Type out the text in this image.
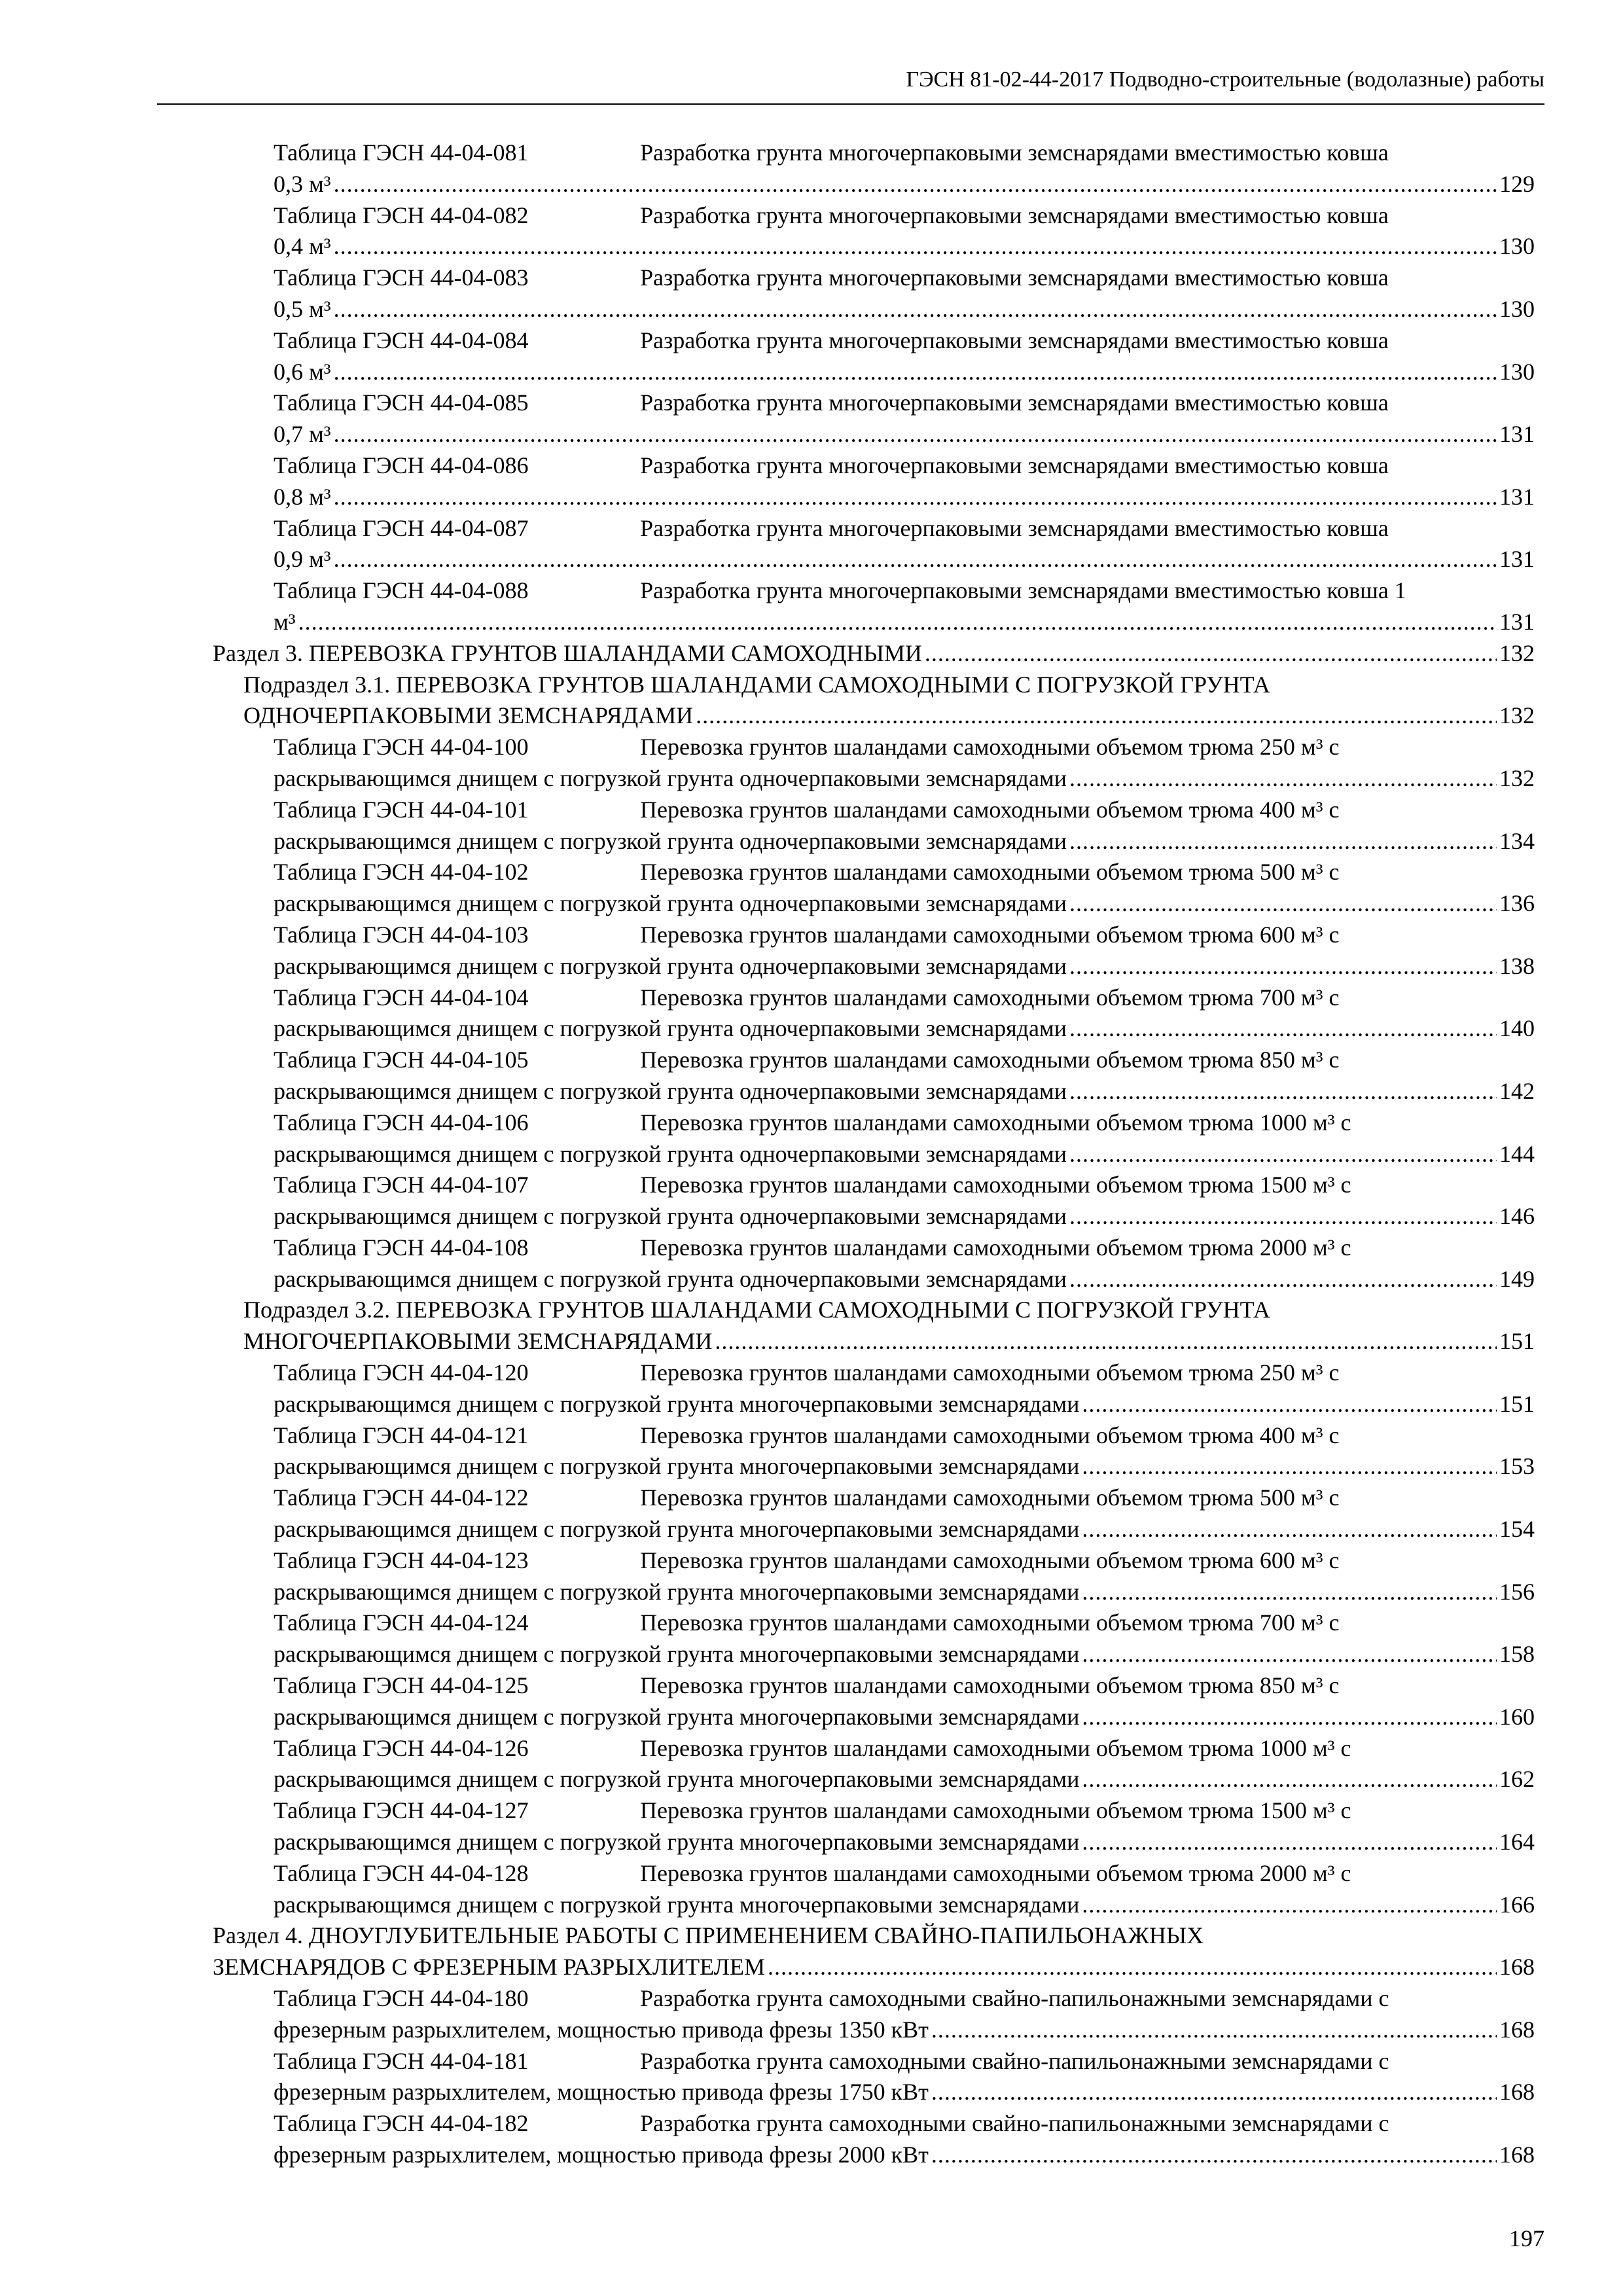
ГЭСН 81-02-44-2017 Подводно-строительные (водолазные) работы
Таблица ГЭСН 44-04-081	Разработка грунта многочерпаковыми земснарядами вместимостью ковша
0,3 м³ .....	129
Таблица ГЭСН 44-04-082	Разработка грунта многочерпаковыми земснарядами вместимостью ковша
0,4 м³ .....	130
Таблица ГЭСН 44-04-083	Разработка грунта многочерпаковыми земснарядами вместимостью ковша
0,5 м³ .....	130
Таблица ГЭСН 44-04-084	Разработка грунта многочерпаковыми земснарядами вместимостью ковша
0,6 м³ .....	130
Таблица ГЭСН 44-04-085	Разработка грунта многочерпаковыми земснарядами вместимостью ковша
0,7 м³ .....	131
Таблица ГЭСН 44-04-086	Разработка грунта многочерпаковыми земснарядами вместимостью ковша
0,8 м³ .....	131
Таблица ГЭСН 44-04-087	Разработка грунта многочерпаковыми земснарядами вместимостью ковша
0,9 м³ .....	131
Таблица ГЭСН 44-04-088	Разработка грунта многочерпаковыми земснарядами вместимостью ковша 1
м³ .....	131
Раздел 3. ПЕРЕВОЗКА ГРУНТОВ ШАЛАНДАМИ САМОХОДНЫМИ .....	132
Подраздел 3.1. ПЕРЕВОЗКА ГРУНТОВ ШАЛАНДАМИ САМОХОДНЫМИ С ПОГРУЗКОЙ ГРУНТА
ОДНОЧЕРПАКОВЫМИ ЗЕМСНАРЯДАМИ .....	132
Таблица ГЭСН 44-04-100	Перевозка грунтов шаландами самоходными объемом трюма 250 м³ с
раскрывающимся днищем с погрузкой грунта одночерпаковыми земснарядами .....	132
Таблица ГЭСН 44-04-101	Перевозка грунтов шаландами самоходными объемом трюма 400 м³ с
раскрывающимся днищем с погрузкой грунта одночерпаковыми земснарядами .....	134
Таблица ГЭСН 44-04-102	Перевозка грунтов шаландами самоходными объемом трюма 500 м³ с
раскрывающимся днищем с погрузкой грунта одночерпаковыми земснарядами .....	136
Таблица ГЭСН 44-04-103	Перевозка грунтов шаландами самоходными объемом трюма 600 м³ с
раскрывающимся днищем с погрузкой грунта одночерпаковыми земснарядами .....	138
Таблица ГЭСН 44-04-104	Перевозка грунтов шаландами самоходными объемом трюма 700 м³ с
раскрывающимся днищем с погрузкой грунта одночерпаковыми земснарядами .....	140
Таблица ГЭСН 44-04-105	Перевозка грунтов шаландами самоходными объемом трюма 850 м³ с
раскрывающимся днищем с погрузкой грунта одночерпаковыми земснарядами .....	142
Таблица ГЭСН 44-04-106	Перевозка грунтов шаландами самоходными объемом трюма 1000 м³ с
раскрывающимся днищем с погрузкой грунта одночерпаковыми земснарядами .....	144
Таблица ГЭСН 44-04-107	Перевозка грунтов шаландами самоходными объемом трюма 1500 м³ с
раскрывающимся днищем с погрузкой грунта одночерпаковыми земснарядами .....	146
Таблица ГЭСН 44-04-108	Перевозка грунтов шаландами самоходными объемом трюма 2000 м³ с
раскрывающимся днищем с погрузкой грунта одночерпаковыми земснарядами .....	149
Подраздел 3.2. ПЕРЕВОЗКА ГРУНТОВ ШАЛАНДАМИ САМОХОДНЫМИ С ПОГРУЗКОЙ ГРУНТА
МНОГОЧЕРПАКОВЫМИ ЗЕМСНАРЯДАМИ .....	151
Таблица ГЭСН 44-04-120	Перевозка грунтов шаландами самоходными объемом трюма 250 м³ с
раскрывающимся днищем с погрузкой грунта многочерпаковыми земснарядами .....	151
Таблица ГЭСН 44-04-121	Перевозка грунтов шаландами самоходными объемом трюма 400 м³ с
раскрывающимся днищем с погрузкой грунта многочерпаковыми земснарядами .....	153
Таблица ГЭСН 44-04-122	Перевозка грунтов шаландами самоходными объемом трюма 500 м³ с
раскрывающимся днищем с погрузкой грунта многочерпаковыми земснарядами .....	154
Таблица ГЭСН 44-04-123	Перевозка грунтов шаландами самоходными объемом трюма 600 м³ с
раскрывающимся днищем с погрузкой грунта многочерпаковыми земснарядами .....	156
Таблица ГЭСН 44-04-124	Перевозка грунтов шаландами самоходными объемом трюма 700 м³ с
раскрывающимся днищем с погрузкой грунта многочерпаковыми земснарядами .....	158
Таблица ГЭСН 44-04-125	Перевозка грунтов шаландами самоходными объемом трюма 850 м³ с
раскрывающимся днищем с погрузкой грунта многочерпаковыми земснарядами .....	160
Таблица ГЭСН 44-04-126	Перевозка грунтов шаландами самоходными объемом трюма 1000 м³ с
раскрывающимся днищем с погрузкой грунта многочерпаковыми земснарядами .....	162
Таблица ГЭСН 44-04-127	Перевозка грунтов шаландами самоходными объемом трюма 1500 м³ с
раскрывающимся днищем с погрузкой грунта многочерпаковыми земснарядами .....	164
Таблица ГЭСН 44-04-128	Перевозка грунтов шаландами самоходными объемом трюма 2000 м³ с
раскрывающимся днищем с погрузкой грунта многочерпаковыми земснарядами .....	166
Раздел 4. ДНОУГЛУБИТЕЛЬНЫЕ РАБОТЫ С ПРИМЕНЕНИЕМ СВАЙНО-ПАПИЛЬОНАЖНЫХ
ЗЕМСНАРЯДОВ С ФРЕЗЕРНЫМ РАЗРЫХЛИТЕЛЕМ .....	168
Таблица ГЭСН 44-04-180	Разработка грунта самоходными свайно-папильонажными земснарядами с
фрезерным разрыхлителем, мощностью привода фрезы 1350 кВт .....	168
Таблица ГЭСН 44-04-181	Разработка грунта самоходными свайно-папильонажными земснарядами с
фрезерным разрыхлителем, мощностью привода фрезы 1750 кВт .....	168
Таблица ГЭСН 44-04-182	Разработка грунта самоходными свайно-папильонажными земснарядами с
фрезерным разрыхлителем, мощностью привода фрезы 2000 кВт .....	168
197
